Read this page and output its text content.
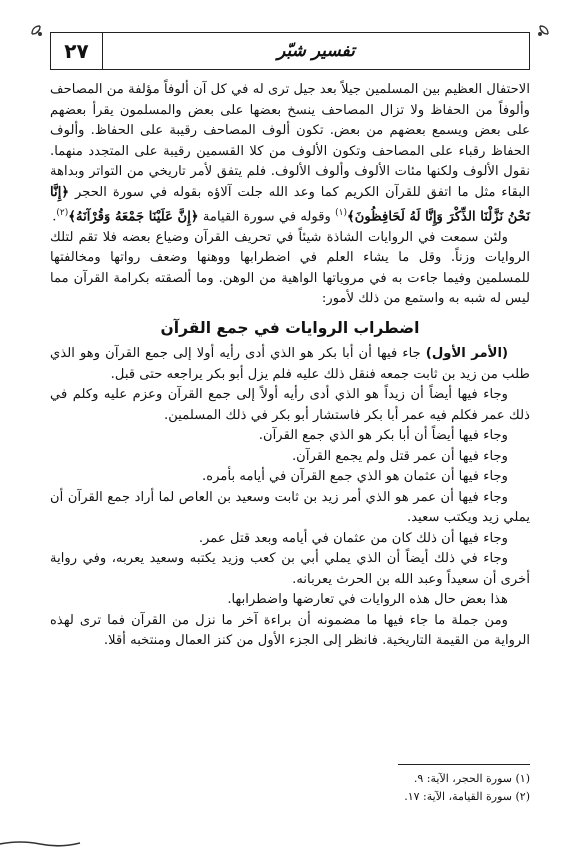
٢٧	تفسير شبّر

الاحتفال العظيم بين المسلمين جيلاً بعد جيل ترى له في كل آن ألوفاً مؤلفة من المصاحف وألوفاً من الحفاظ ولا تزال المصاحف ينسخ بعضها على بعض والمسلمون يقرأ بعضهم على بعض ويسمع بعضهم من بعض. تكون ألوف المصاحف رقيبة على الحفاظ. وألوف الحفاظ رقباء على المصاحف وتكون الألوف من كلا القسمين رقيبة على المتجدد منهما. نقول الألوف ولكنها مئات الألوف وألوف الألوف. فلم يتفق لأمر تاريخي من التواتر وبداهة البقاء مثل ما اتفق للقرآن الكريم كما وعد الله جلت آلاؤه بقوله في سورة الحجر ﴿إِنَّا نَحْنُ نَزَّلْنَا الذِّكْرَ وَإِنَّا لَهُ لَحَافِظُونَ﴾$^{(١)}$ وقوله في سورة القيامة ﴿إِنَّ عَلَيْنَا جَمْعَهُ وَقُرْآنَهُ﴾$^{(٢)}$.

ولئن سمعت في الروايات الشاذة شيئاً في تحريف القرآن وضياع بعضه فلا تقم لتلك الروايات وزناً. وقل ما يشاء العلم في اضطرابها ووهنها وضعف رواتها ومخالفتها للمسلمين وفيما جاءت به في مروياتها الواهية من الوهن. وما ألصقته بكرامة القرآن مما ليس له شبه به واستمع من ذلك لأمور:

اضطراب الروايات في جمع القرآن

(الأمر الأول) جاء فيها أن أبا بكر هو الذي أدى رأيه أولا إلى جمع القرآن وهو الذي طلب من زيد بن ثابت جمعه فنقل ذلك عليه فلم يزل أبو بكر يراجعه حتى قبل.

وجاء فيها أيضاً أن زيداً هو الذي أدى رأيه أولاً إلى جمع القرآن وعزم عليه وكلم في ذلك عمر فكلم فيه عمر أبا بكر فاستشار أبو بكر في ذلك المسلمين.

وجاء فيها أيضاً أن أبا بكر هو الذي جمع القرآن.

وجاء فيها أن عمر قتل ولم يجمع القرآن.

وجاء فيها أن عثمان هو الذي جمع القرآن في أيامه بأمره.

وجاء فيها أن عمر هو الذي أمر زيد بن ثابت وسعيد بن العاص لما أراد جمع القرآن أن يملي زيد ويكتب سعيد.

وجاء فيها أن ذلك كان من عثمان في أيامه وبعد قتل عمر.

وجاء في ذلك أيضاً أن الذي يملي أبي بن كعب وزيد يكتبه وسعيد يعربه، وفي رواية أخرى أن سعيداً وعبد الله بن الحرث يعربانه.

هذا بعض حال هذه الروايات في تعارضها واضطرابها.

ومن جملة ما جاء فيها ما مضمونه أن براءة آخر ما نزل من القرآن فما ترى لهذه الرواية من القيمة التاريخية. فانظر إلى الجزء الأول من كنز العمال ومنتخبه أقلا.

(١) سورة الحجر، الآية: ٩.
(٢) سورة القيامة، الآية: ١٧.
